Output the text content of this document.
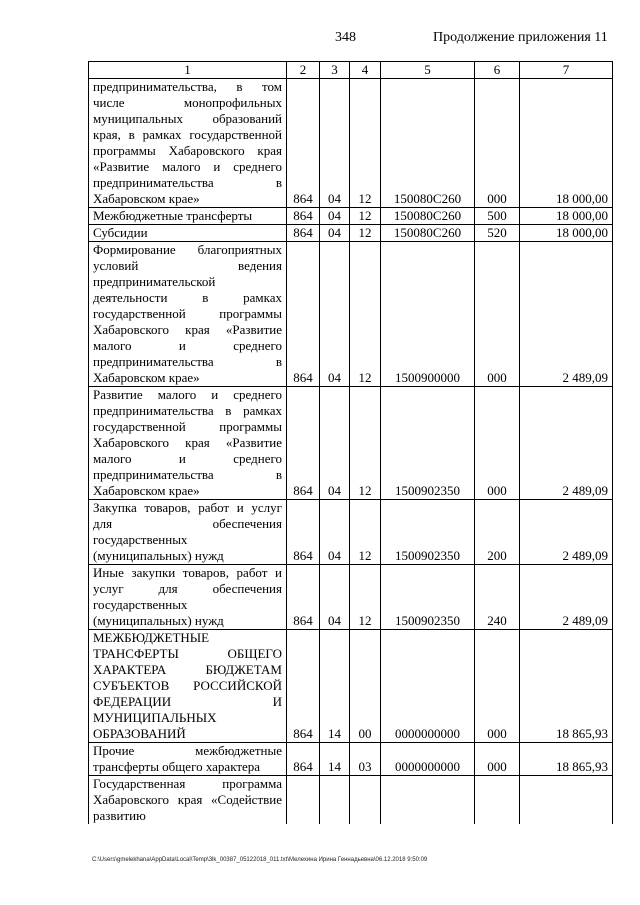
348	Продолжение приложения 11
1	2	3	4	5	6	7
предпринимательства, в том числе монопрофильных муниципальных образований края, в рамках государственной программы Хабаровского края «Развитие малого и среднего предпринимательства в Хабаровском крае»	864	04	12	150080C260	000	18 000,00
Межбюджетные трансферты	864	04	12	150080C260	500	18 000,00
Субсидии	864	04	12	150080C260	520	18 000,00
Формирование благоприятных условий ведения предпринимательской деятельности в рамках государственной программы Хабаровского края «Развитие малого и среднего предпринимательства в Хабаровском крае»	864	04	12	1500900000	000	2 489,09
Развитие малого и среднего предпринимательства в рамках государственной программы Хабаровского края «Развитие малого и среднего предпринимательства в Хабаровском крае»	864	04	12	1500902350	000	2 489,09
Закупка товаров, работ и услуг для обеспечения государственных (муниципальных) нужд	864	04	12	1500902350	200	2 489,09
Иные закупки товаров, работ и услуг для обеспечения государственных (муниципальных) нужд	864	04	12	1500902350	240	2 489,09
МЕЖБЮДЖЕТНЫЕ ТРАНСФЕРТЫ ОБЩЕГО ХАРАКТЕРА БЮДЖЕТАМ СУБЪЕКТОВ РОССИЙСКОЙ ФЕДЕРАЦИИ И МУНИЦИПАЛЬНЫХ ОБРАЗОВАНИЙ	864	14	00	0000000000	000	18 865,93
Прочие межбюджетные трансферты общего характера	864	14	03	0000000000	000	18 865,93
Государственная программа Хабаровского края «Содействие развитию						
C:\Users\gmelekhana\AppData\Local\Temp\3lk_00387_05122018_011.txt\Мелехина Ирина Геннадьевна\06.12.2018 9:50:09
